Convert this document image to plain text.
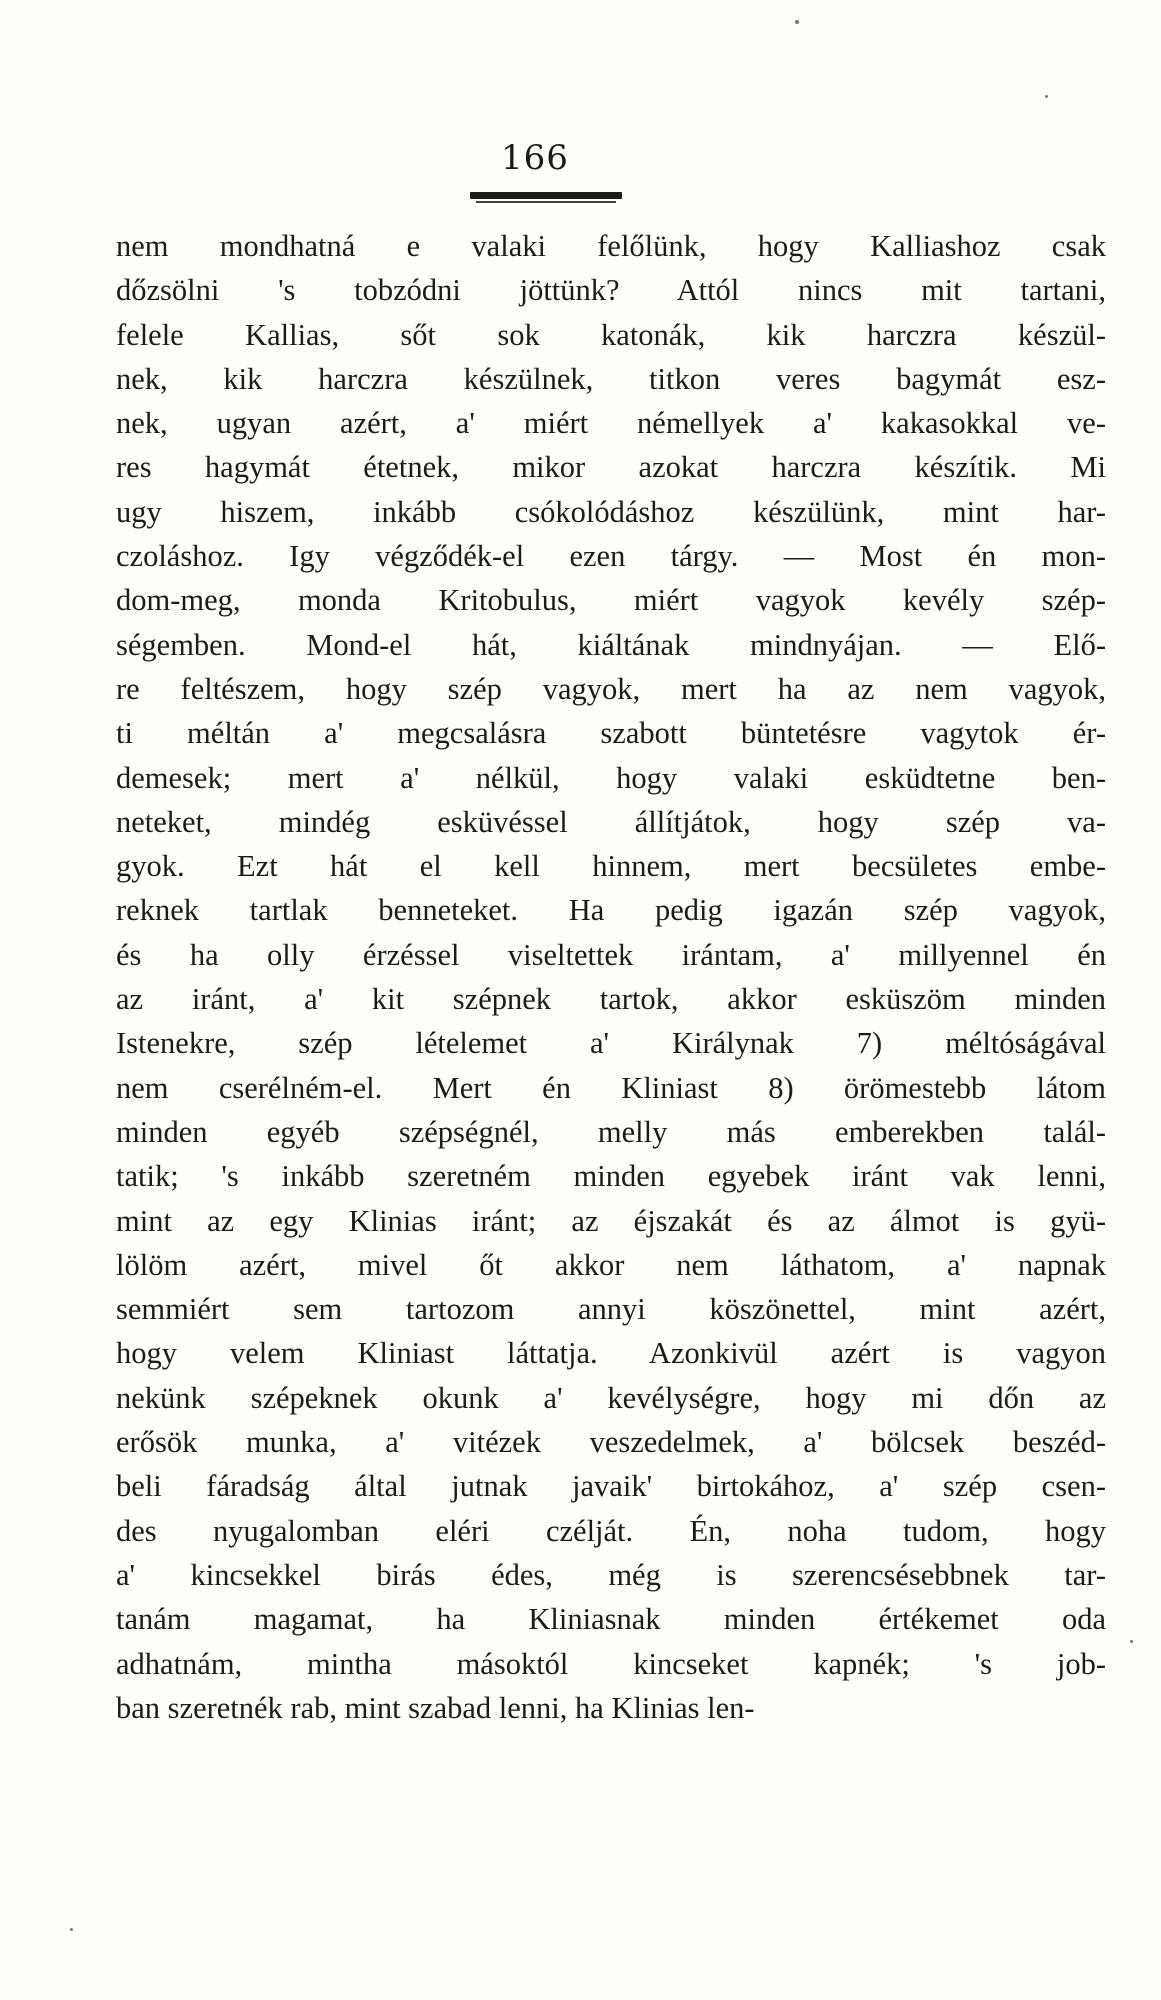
166
nem mondhatná e valaki felőlünk, hogy Kalliashoz csak
dőzsölni 's tobzódni jöttünk? Attól nincs mit tartani,
felele Kallias, sőt sok katonák, kik harczra készül-
nek, kik harczra készülnek, titkon veres bagymát esz-
nek, ugyan azért, a' miért némellyek a' kakasokkal ve-
res hagymát étetnek, mikor azokat harczra készítik. Mi
ugy hiszem, inkább csókolódáshoz készülünk, mint har-
czoláshoz. Igy végződék-el ezen tárgy. — Most én mon-
dom-meg, monda Kritobulus, miért vagyok kevély szép-
ségemben. Mond-el hát, kiáltának mindnyájan. — Elő-
re feltészem, hogy szép vagyok, mert ha az nem vagyok,
ti méltán a' megcsalásra szabott büntetésre vagytok ér-
demesek; mert a' nélkül, hogy valaki esküdtetne ben-
neteket, mindég esküvéssel állítjátok, hogy szép va-
gyok. Ezt hát el kell hinnem, mert becsületes embe-
reknek tartlak benneteket. Ha pedig igazán szép vagyok,
és ha olly érzéssel viseltettek irántam, a' millyennel én
az iránt, a' kit szépnek tartok, akkor esküszöm minden
Istenekre, szép lételemet a' Királynak 7) méltóságával
nem cserélném-el. Mert én Kliniast 8) örömestebb látom
minden egyéb szépségnél, melly más emberekben talál-
tatik; 's inkább szeretném minden egyebek iránt vak lenni,
mint az egy Klinias iránt; az éjszakát és az álmot is gyü-
lölöm azért, mivel őt akkor nem láthatom, a' napnak
semmiért sem tartozom annyi köszönettel, mint azért,
hogy velem Kliniast láttatja. Azonkivül azért is vagyon
nekünk szépeknek okunk a' kevélységre, hogy mi dőn az
erősök munka, a' vitézek veszedelmek, a' bölcsek beszéd-
beli fáradság által jutnak javaik' birtokához, a' szép csen-
des nyugalomban eléri czélját. Én, noha tudom, hogy
a' kincsekkel birás édes, még is szerencsésebbnek tar-
tanám magamat, ha Kliniasnak minden értékemet oda
adhatnám, mintha másoktól kincseket kapnék; 's job-
ban szeretnék rab, mint szabad lenni, ha Klinias len-
